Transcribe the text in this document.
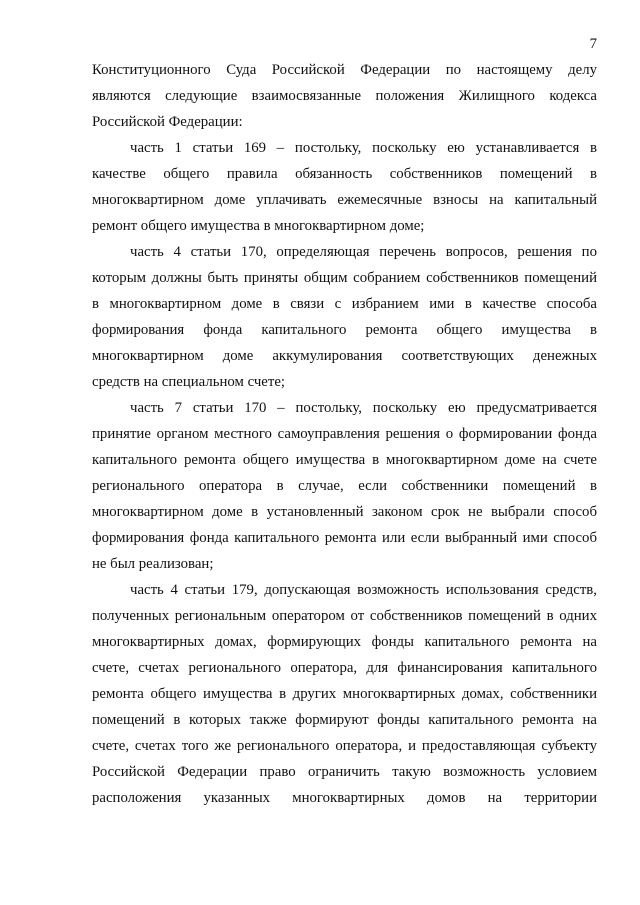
7
Конституционного Суда Российской Федерации по настоящему делу
являются следующие взаимосвязанные положения Жилищного кодекса
Российской Федерации:
часть 1 статьи 169 – постольку, поскольку ею устанавливается в
качестве общего правила обязанность собственников помещений в
многоквартирном доме уплачивать ежемесячные взносы на капитальный
ремонт общего имущества в многоквартирном доме;
часть 4 статьи 170, определяющая перечень вопросов, решения по
которым должны быть приняты общим собранием собственников помещений
в многоквартирном доме в связи с избранием ими в качестве способа
формирования фонда капитального ремонта общего имущества в
многоквартирном доме аккумулирования соответствующих денежных
средств на специальном счете;
часть 7 статьи 170 – постольку, поскольку ею предусматривается
принятие органом местного самоуправления решения о формировании фонда
капитального ремонта общего имущества в многоквартирном доме на счете
регионального оператора в случае, если собственники помещений в
многоквартирном доме в установленный законом срок не выбрали способ
формирования фонда капитального ремонта или если выбранный ими способ
не был реализован;
часть 4 статьи 179, допускающая возможность использования средств,
полученных региональным оператором от собственников помещений в одних
многоквартирных домах, формирующих фонды капитального ремонта на
счете, счетах регионального оператора, для финансирования капитального
ремонта общего имущества в других многоквартирных домах, собственники
помещений в которых также формируют фонды капитального ремонта на
счете, счетах того же регионального оператора, и предоставляющая субъекту
Российской Федерации право ограничить такую возможность условием
расположения указанных многоквартирных домов на территории
